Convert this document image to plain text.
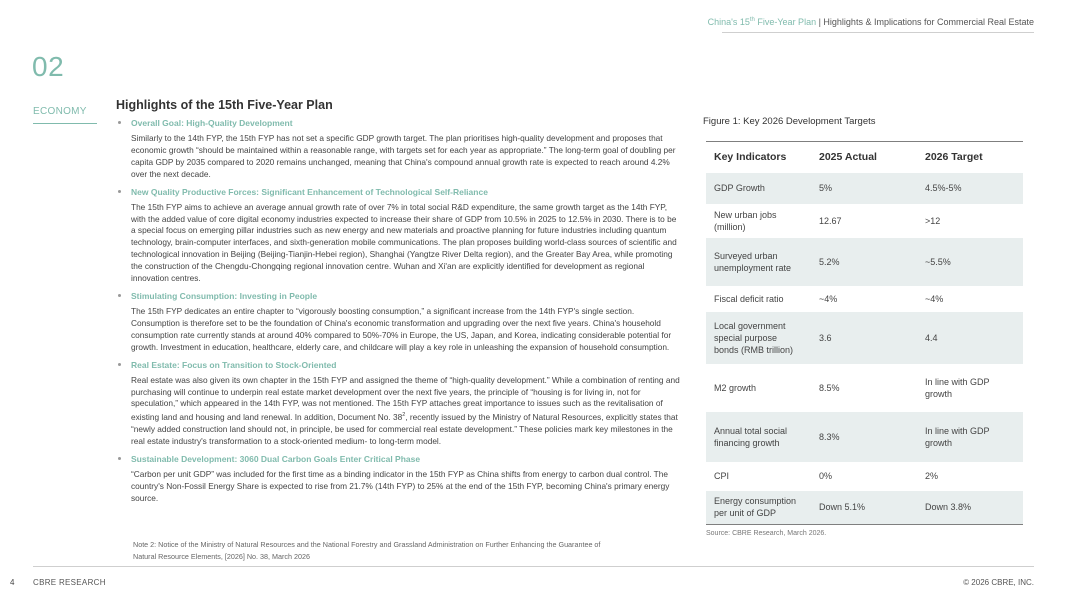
China's 15th Five-Year Plan | Highlights & Implications for Commercial Real Estate
02
ECONOMY Highlights of the 15th Five-Year Plan
Overall Goal: High-Quality Development
Similarly to the 14th FYP, the 15th FYP has not set a specific GDP growth target. The plan prioritises high-quality development and proposes that economic growth “should be maintained within a reasonable range, with targets set for each year as appropriate.” The long-term goal of doubling per capita GDP by 2035 compared to 2020 remains unchanged, meaning that China's compound annual growth rate is expected to reach around 4.2% over the next decade.
New Quality Productive Forces: Significant Enhancement of Technological Self-Reliance
The 15th FYP aims to achieve an average annual growth rate of over 7% in total social R&D expenditure, the same growth target as the 14th FYP, with the added value of core digital economy industries expected to increase their share of GDP from 10.5% in 2025 to 12.5% in 2030. There is to be a special focus on emerging pillar industries such as new energy and new materials and proactive planning for future industries including quantum technology, brain-computer interfaces, and sixth-generation mobile communications. The plan proposes building world-class sources of scientific and technological innovation in Beijing (Beijing-Tianjin-Hebei region), Shanghai (Yangtze River Delta region), and the Greater Bay Area, while promoting the construction of the Chengdu-Chongqing regional innovation centre. Wuhan and Xi'an are explicitly identified for development as regional innovation centres.
Stimulating Consumption: Investing in People
The 15th FYP dedicates an entire chapter to “vigorously boosting consumption,” a significant increase from the 14th FYP's single section. Consumption is therefore set to be the foundation of China's economic transformation and upgrading over the next five years. China's household consumption rate currently stands at around 40% compared to 50%-70% in Europe, the US, Japan, and Korea, indicating considerable potential for growth. Investment in education, healthcare, elderly care, and childcare will play a key role in unleashing the expansion of household consumption.
Real Estate: Focus on Transition to Stock-Oriented
Real estate was also given its own chapter in the 15th FYP and assigned the theme of “high-quality development.” While a combination of renting and purchasing will continue to underpin real estate market development over the next five years, the principle of “housing is for living in, not for speculation,” which appeared in the 14th FYP, was not mentioned. The 15th FYP attaches great importance to issues such as the revitalisation of existing land and housing and land renewal. In addition, Document No. $38^2$, recently issued by the Ministry of Natural Resources, explicitly states that “newly added construction land should not, in principle, be used for commercial real estate development.” These policies mark key milestones in the real estate industry's transformation to a stock-oriented medium- to long-term model.
Sustainable Development: 3060 Dual Carbon Goals Enter Critical Phase
“Carbon per unit GDP” was included for the first time as a binding indicator in the 15th FYP as China shifts from energy to carbon dual control. The country's Non-Fossil Energy Share is expected to rise from 21.7% (14th FYP) to 25% at the end of the 15th FYP, becoming China's primary energy source.
Note 2: Notice of the Ministry of Natural Resources and the National Forestry and Grassland Administration on Further Enhancing the Guarantee of Natural Resource Elements, [2026] No. 38, March 2026
Figure 1: Key 2026 Development Targets
Key Indicators	2025 Actual	2026 Target
GDP Growth	5%	4.5%-5%
New urban jobs (million)	12.67	>12
Surveyed urban unemployment rate	5.2%	~5.5%
Fiscal deficit ratio	~4%	~4%
Local government special purpose bonds (RMB trillion)	3.6	4.4
M2 growth	8.5%	In line with GDP growth
Annual total social financing growth	8.3%	In line with GDP growth
CPI	0%	2%
Energy consumption per unit of GDP	Down 5.1%	Down 3.8%
Source: CBRE Research, March 2026.
4 CBRE RESEARCH	© 2026 CBRE, INC.
